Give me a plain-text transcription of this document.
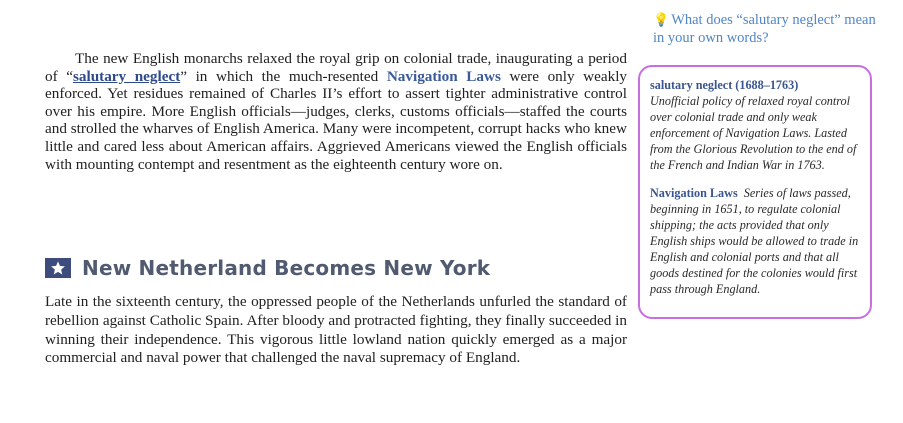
The new English monarchs relaxed the royal grip on colonial trade, inaugurating a period of “salutary neglect” in which the much-resented Navigation Laws were only weakly enforced. Yet residues remained of Charles II’s effort to assert tighter administrative control over his empire. More English officials—judges, clerks, customs officials—staffed the courts and strolled the wharves of English America. Many were incompetent, corrupt hacks who knew little and cared less about American affairs. Aggrieved Americans viewed the English officials with mounting contempt and resentment as the eighteenth century wore on.

New Netherland Becomes New York

Late in the sixteenth century, the oppressed people of the Netherlands unfurled the standard of rebellion against Catholic Spain. After bloody and protracted fighting, they finally succeeded in winning their independence. This vigorous little lowland nation quickly emerged as a major commercial and naval power that challenged the naval supremacy of England.

💡 What does “salutary neglect” mean in your own words?
salutary neglect (1688–1763)
Unofficial policy of relaxed royal control over colonial trade and only weak enforcement of Navigation Laws. Lasted from the Glorious Revolution to the end of the French and Indian War in 1763.
Navigation Laws Series of laws passed, beginning in 1651, to regulate colonial shipping; the acts provided that only English ships would be allowed to trade in English and colonial ports and that all goods destined for the colonies would first pass through England.
